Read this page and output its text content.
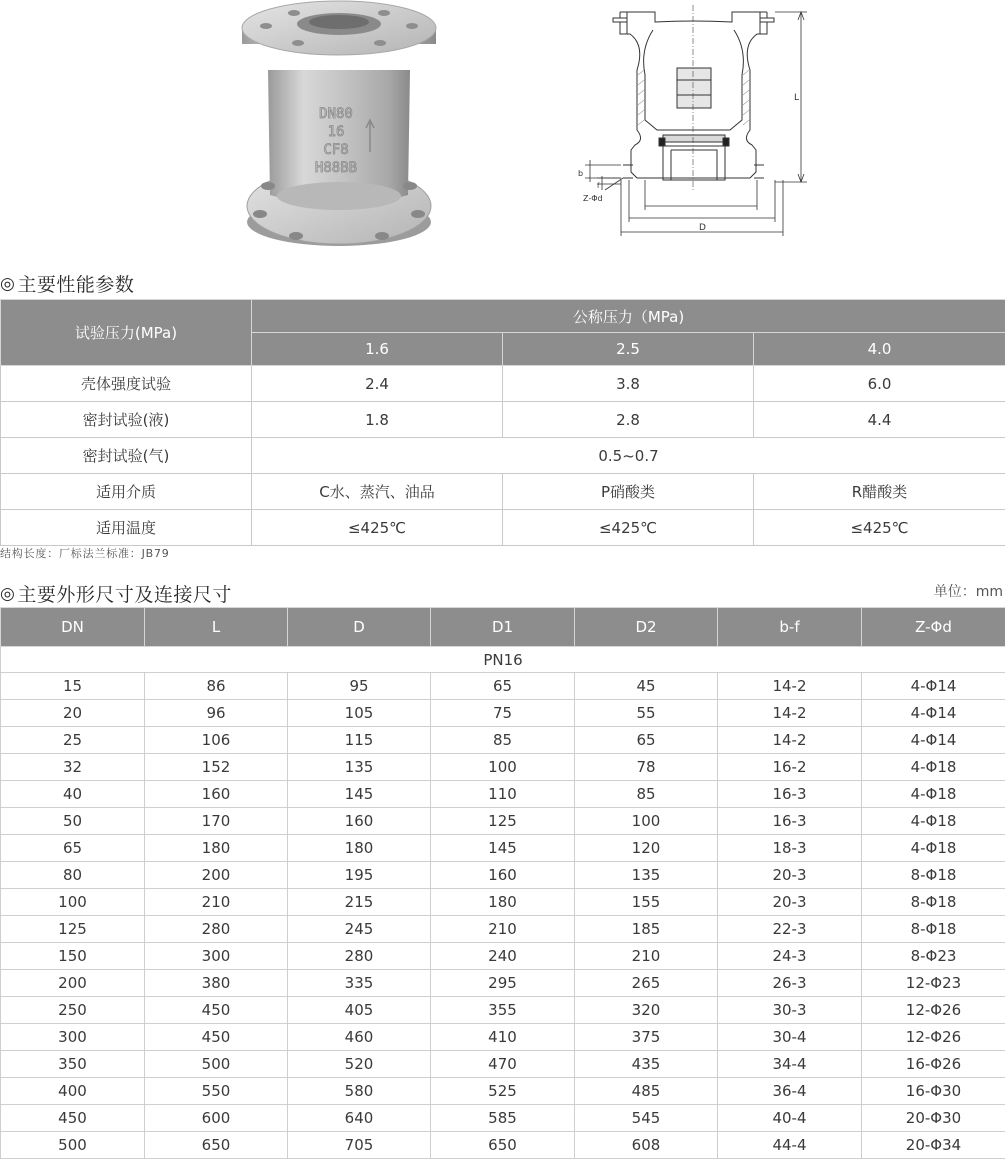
DN80
16
CF8
H88BB
L
D
b
f
Z-Φd
◎ 主要性能参数
试验压力(MPa)	公称压力（MPa)		
	1.6	2.5	4.0
壳体强度试验	2.4	3.8	6.0
密封试验(液)	1.8	2.8	4.4
密封试验(气)	0.5~0.7		
适用介质	C水、蒸汽、油品	P硝酸类	R醋酸类
适用温度	≤425℃	≤425℃	≤425℃
结构长度：厂标法兰标准：JB79
◎ 主要外形尺寸及连接尺寸	单位：mm
DN	L	D	D1	D2	b-f	Z-Φd
PN16						
15	86	95	65	45	14-2	4-Φ14
20	96	105	75	55	14-2	4-Φ14
25	106	115	85	65	14-2	4-Φ14
32	152	135	100	78	16-2	4-Φ18
40	160	145	110	85	16-3	4-Φ18
50	170	160	125	100	16-3	4-Φ18
65	180	180	145	120	18-3	4-Φ18
80	200	195	160	135	20-3	8-Φ18
100	210	215	180	155	20-3	8-Φ18
125	280	245	210	185	22-3	8-Φ18
150	300	280	240	210	24-3	8-Φ23
200	380	335	295	265	26-3	12-Φ23
250	450	405	355	320	30-3	12-Φ26
300	450	460	410	375	30-4	12-Φ26
350	500	520	470	435	34-4	16-Φ26
400	550	580	525	485	36-4	16-Φ30
450	600	640	585	545	40-4	20-Φ30
500	650	705	650	608	44-4	20-Φ34
